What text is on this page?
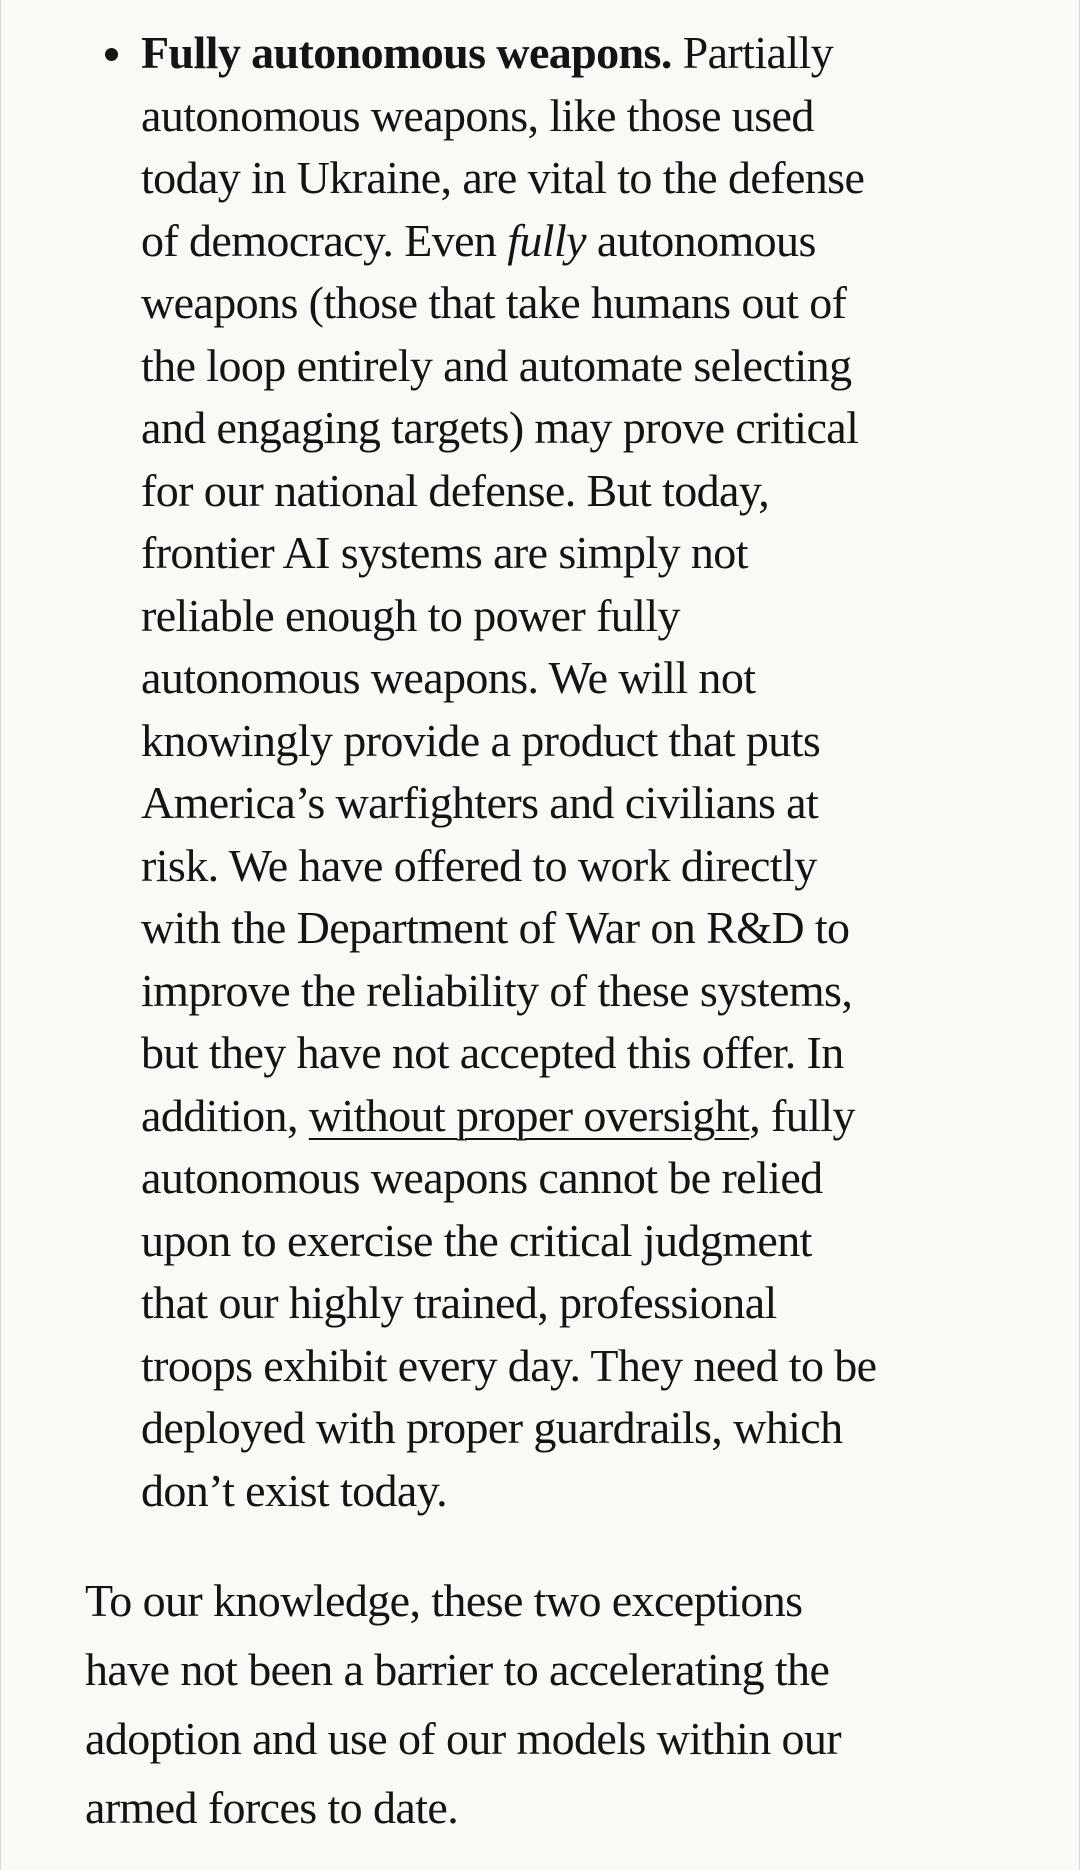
Fully autonomous weapons. Partially
autonomous weapons, like those used
today in Ukraine, are vital to the defense
of democracy. Even fully autonomous
weapons (those that take humans out of
the loop entirely and automate selecting
and engaging targets) may prove critical
for our national defense. But today,
frontier AI systems are simply not
reliable enough to power fully
autonomous weapons. We will not
knowingly provide a product that puts
America’s warfighters and civilians at
risk. We have offered to work directly
with the Department of War on R&D to
improve the reliability of these systems,
but they have not accepted this offer. In
addition, without proper oversight, fully
autonomous weapons cannot be relied
upon to exercise the critical judgment
that our highly trained, professional
troops exhibit every day. They need to be
deployed with proper guardrails, which
don’t exist today.

To our knowledge, these two exceptions
have not been a barrier to accelerating the
adoption and use of our models within our
armed forces to date.
